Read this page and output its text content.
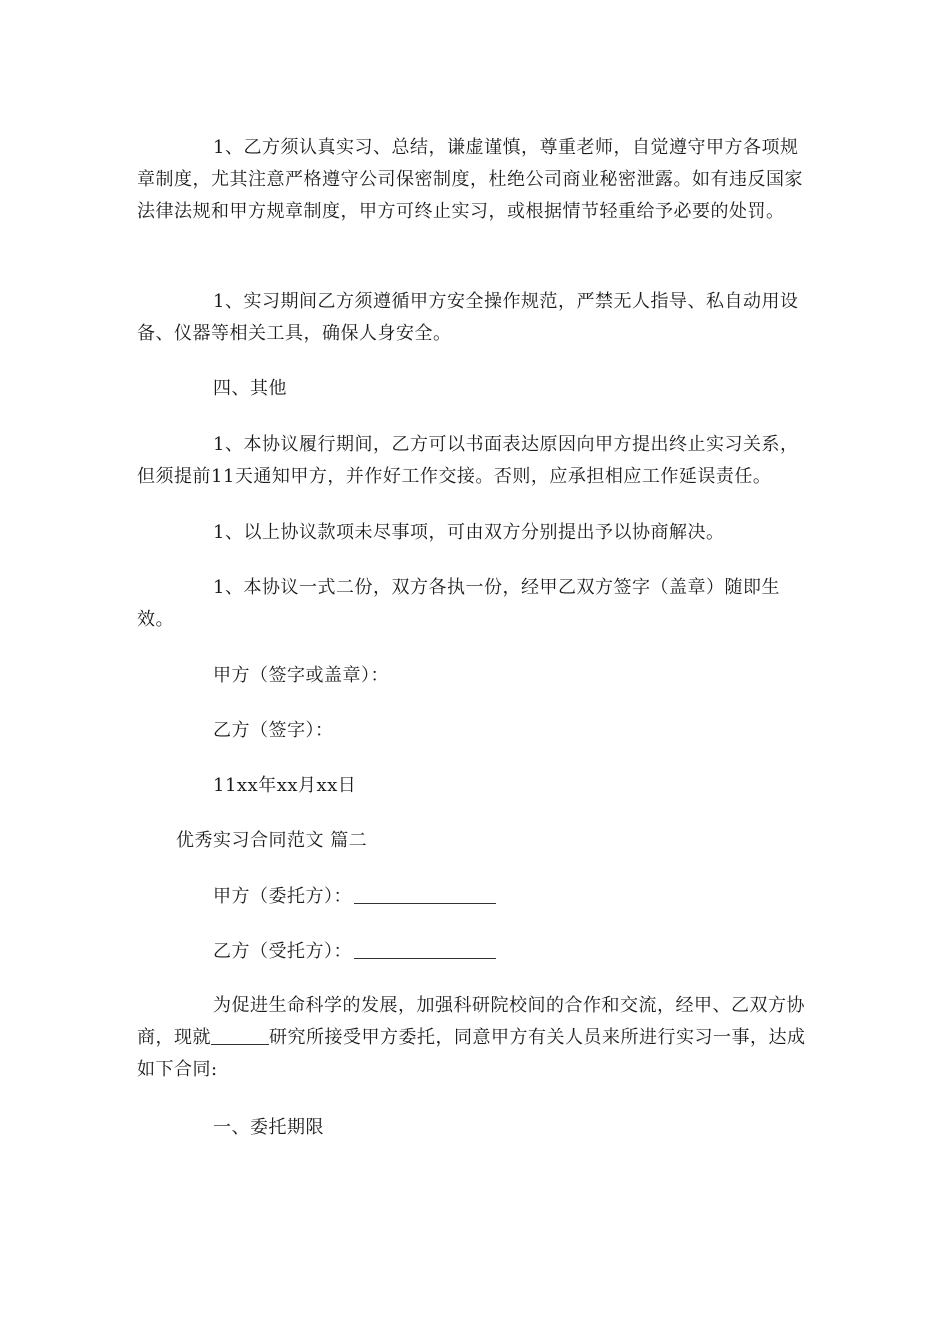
1、乙方须认真实习、总结，谦虚谨慎，尊重老师，自觉遵守甲方各项规章制度，尤其注意严格遵守公司保密制度，杜绝公司商业秘密泄露。如有违反国家法律法规和甲方规章制度，甲方可终止实习，或根据情节轻重给予必要的处罚。

1、实习期间乙方须遵循甲方安全操作规范，严禁无人指导、私自动用设备、仪器等相关工具，确保人身安全。

四、其他

1、本协议履行期间，乙方可以书面表达原因向甲方提出终止实习关系，但须提前11天通知甲方，并作好工作交接。否则，应承担相应工作延误责任。

1、以上协议款项未尽事项，可由双方分别提出予以协商解决。

1、本协议一式二份，双方各执一份，经甲乙双方签字（盖章）随即生效。

甲方（签字或盖章）：

乙方（签字）：

11xx年xx月xx日

优秀实习合同范文 篇二
甲方（委托方）：
乙方（受托方）：

为促进生命科学的发展，加强科研院校间的合作和交流，经甲、乙双方协商，现就	研究所接受甲方委托，同意甲方有关人员来所进行实习一事，达成如下合同:

一、委托期限
